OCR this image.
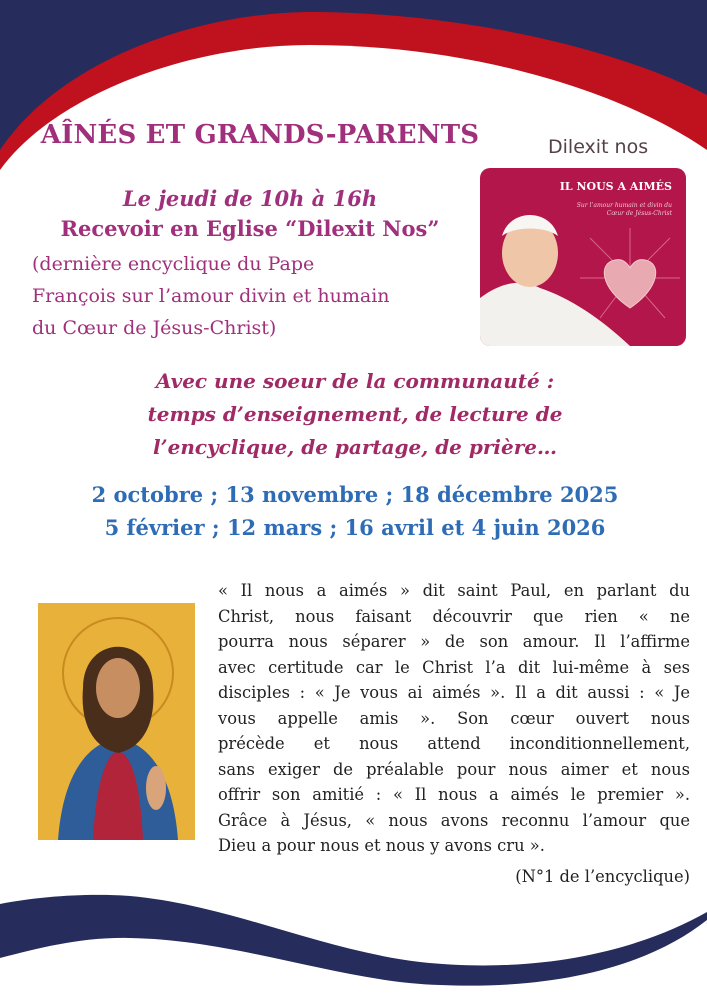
AÎNÉS ET GRANDS-PARENTS
Le jeudi de 10h à 16h
Recevoir en Eglise “Dilexit Nos”
(dernière encyclique du Pape
François sur l’amour divin et humain
du Cœur de Jésus-Christ)
Dilexit nos
IL NOUS A AIMÉS
Sur l’amour humain et divin du Cœur de Jésus-Christ
Avec une soeur de la communauté :
temps d’enseignement, de lecture de
l’encyclique, de partage, de prière…
2 octobre ; 13 novembre ; 18 décembre 2025
5 février ; 12 mars ; 16 avril et 4 juin 2026
« Il nous a aimés » dit saint Paul, en parlant du
Christ, nous faisant découvrir que rien « ne
pourra nous séparer » de son amour. Il l’affirme
avec certitude car le Christ l’a dit lui-même à ses
disciples : « Je vous ai aimés ». Il a dit aussi : « Je
vous appelle amis ». Son cœur ouvert nous
précède et nous attend inconditionnellement,
sans exiger de préalable pour nous aimer et nous
offrir son amitié : « Il nous a aimés le premier ».
Grâce à Jésus, « nous avons reconnu l’amour que
Dieu a pour nous et nous y avons cru ».
(N°1 de l’encyclique)
